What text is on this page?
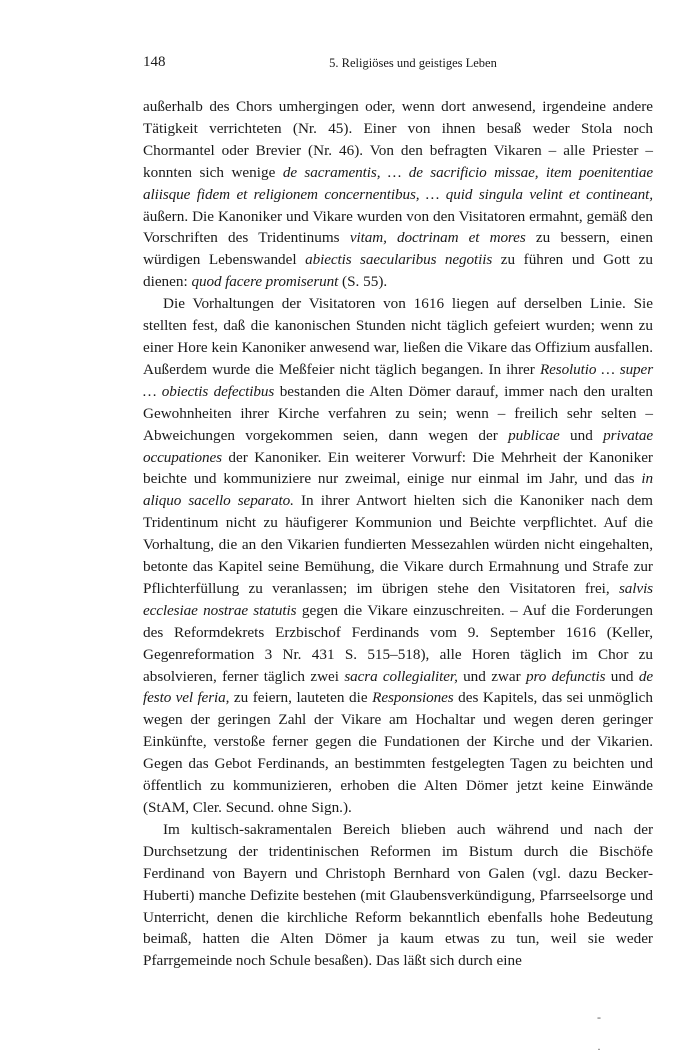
148	5. Religiöses und geistiges Leben

außerhalb des Chors umhergingen oder, wenn dort anwesend, irgendeine andere Tätigkeit verrichteten (Nr. 45). Einer von ihnen besaß weder Stola noch Chormantel oder Brevier (Nr. 46). Von den befragten Vikaren – alle Priester – konnten sich wenige de sacramentis, … de sacrificio missae, item poenitentiae aliisque fidem et religionem concernentibus, … quid singula velint et contineant, äußern. Die Kanoniker und Vikare wurden von den Visitatoren ermahnt, gemäß den Vorschriften des Tridentinums vitam, doctrinam et mores zu bessern, einen würdigen Lebenswandel abiectis saecularibus negotiis zu führen und Gott zu dienen: quod facere promiserunt (S. 55).

Die Vorhaltungen der Visitatoren von 1616 liegen auf derselben Linie. Sie stellten fest, daß die kanonischen Stunden nicht täglich gefeiert wurden; wenn zu einer Hore kein Kanoniker anwesend war, ließen die Vikare das Offizium ausfallen. Außerdem wurde die Meßfeier nicht täglich begangen. In ihrer Resolutio … super … obiectis defectibus bestanden die Alten Dömer darauf, immer nach den uralten Gewohnheiten ihrer Kirche verfahren zu sein; wenn – freilich sehr selten – Abweichungen vorgekommen seien, dann wegen der publicae und privatae occupationes der Kanoniker. Ein weiterer Vorwurf: Die Mehrheit der Kanoniker beichte und kommuniziere nur zweimal, einige nur einmal im Jahr, und das in aliquo sacello separato. In ihrer Antwort hielten sich die Kanoniker nach dem Tridentinum nicht zu häufigerer Kommunion und Beichte verpflichtet. Auf die Vorhaltung, die an den Vikarien fundierten Messezahlen würden nicht eingehalten, betonte das Kapitel seine Bemühung, die Vikare durch Ermahnung und Strafe zur Pflichterfüllung zu veranlassen; im übrigen stehe den Visitatoren frei, salvis ecclesiae nostrae statutis gegen die Vikare einzuschreiten. – Auf die Forderungen des Reformdekrets Erzbischof Ferdinands vom 9. September 1616 (Keller, Gegenreformation 3 Nr. 431 S. 515–518), alle Horen täglich im Chor zu absolvieren, ferner täglich zwei sacra collegialiter, und zwar pro defunctis und de festo vel feria, zu feiern, lauteten die Responsiones des Kapitels, das sei unmöglich wegen der geringen Zahl der Vikare am Hochaltar und wegen deren geringer Einkünfte, verstoße ferner gegen die Fundationen der Kirche und der Vikarien. Gegen das Gebot Ferdinands, an bestimmten festgelegten Tagen zu beichten und öffentlich zu kommunizieren, erhoben die Alten Dömer jetzt keine Einwände (StAM, Cler. Secund. ohne Sign.).

Im kultisch-sakramentalen Bereich blieben auch während und nach der Durchsetzung der tridentinischen Reformen im Bistum durch die Bischöfe Ferdinand von Bayern und Christoph Bernhard von Galen (vgl. dazu Becker-Huberti) manche Defizite bestehen (mit Glaubensverkündigung, Pfarrseelsorge und Unterricht, denen die kirchliche Reform bekanntlich ebenfalls hohe Bedeutung beimaß, hatten die Alten Dömer ja kaum etwas zu tun, weil sie weder Pfarrgemeinde noch Schule besaßen). Das läßt sich durch eine

-
·
